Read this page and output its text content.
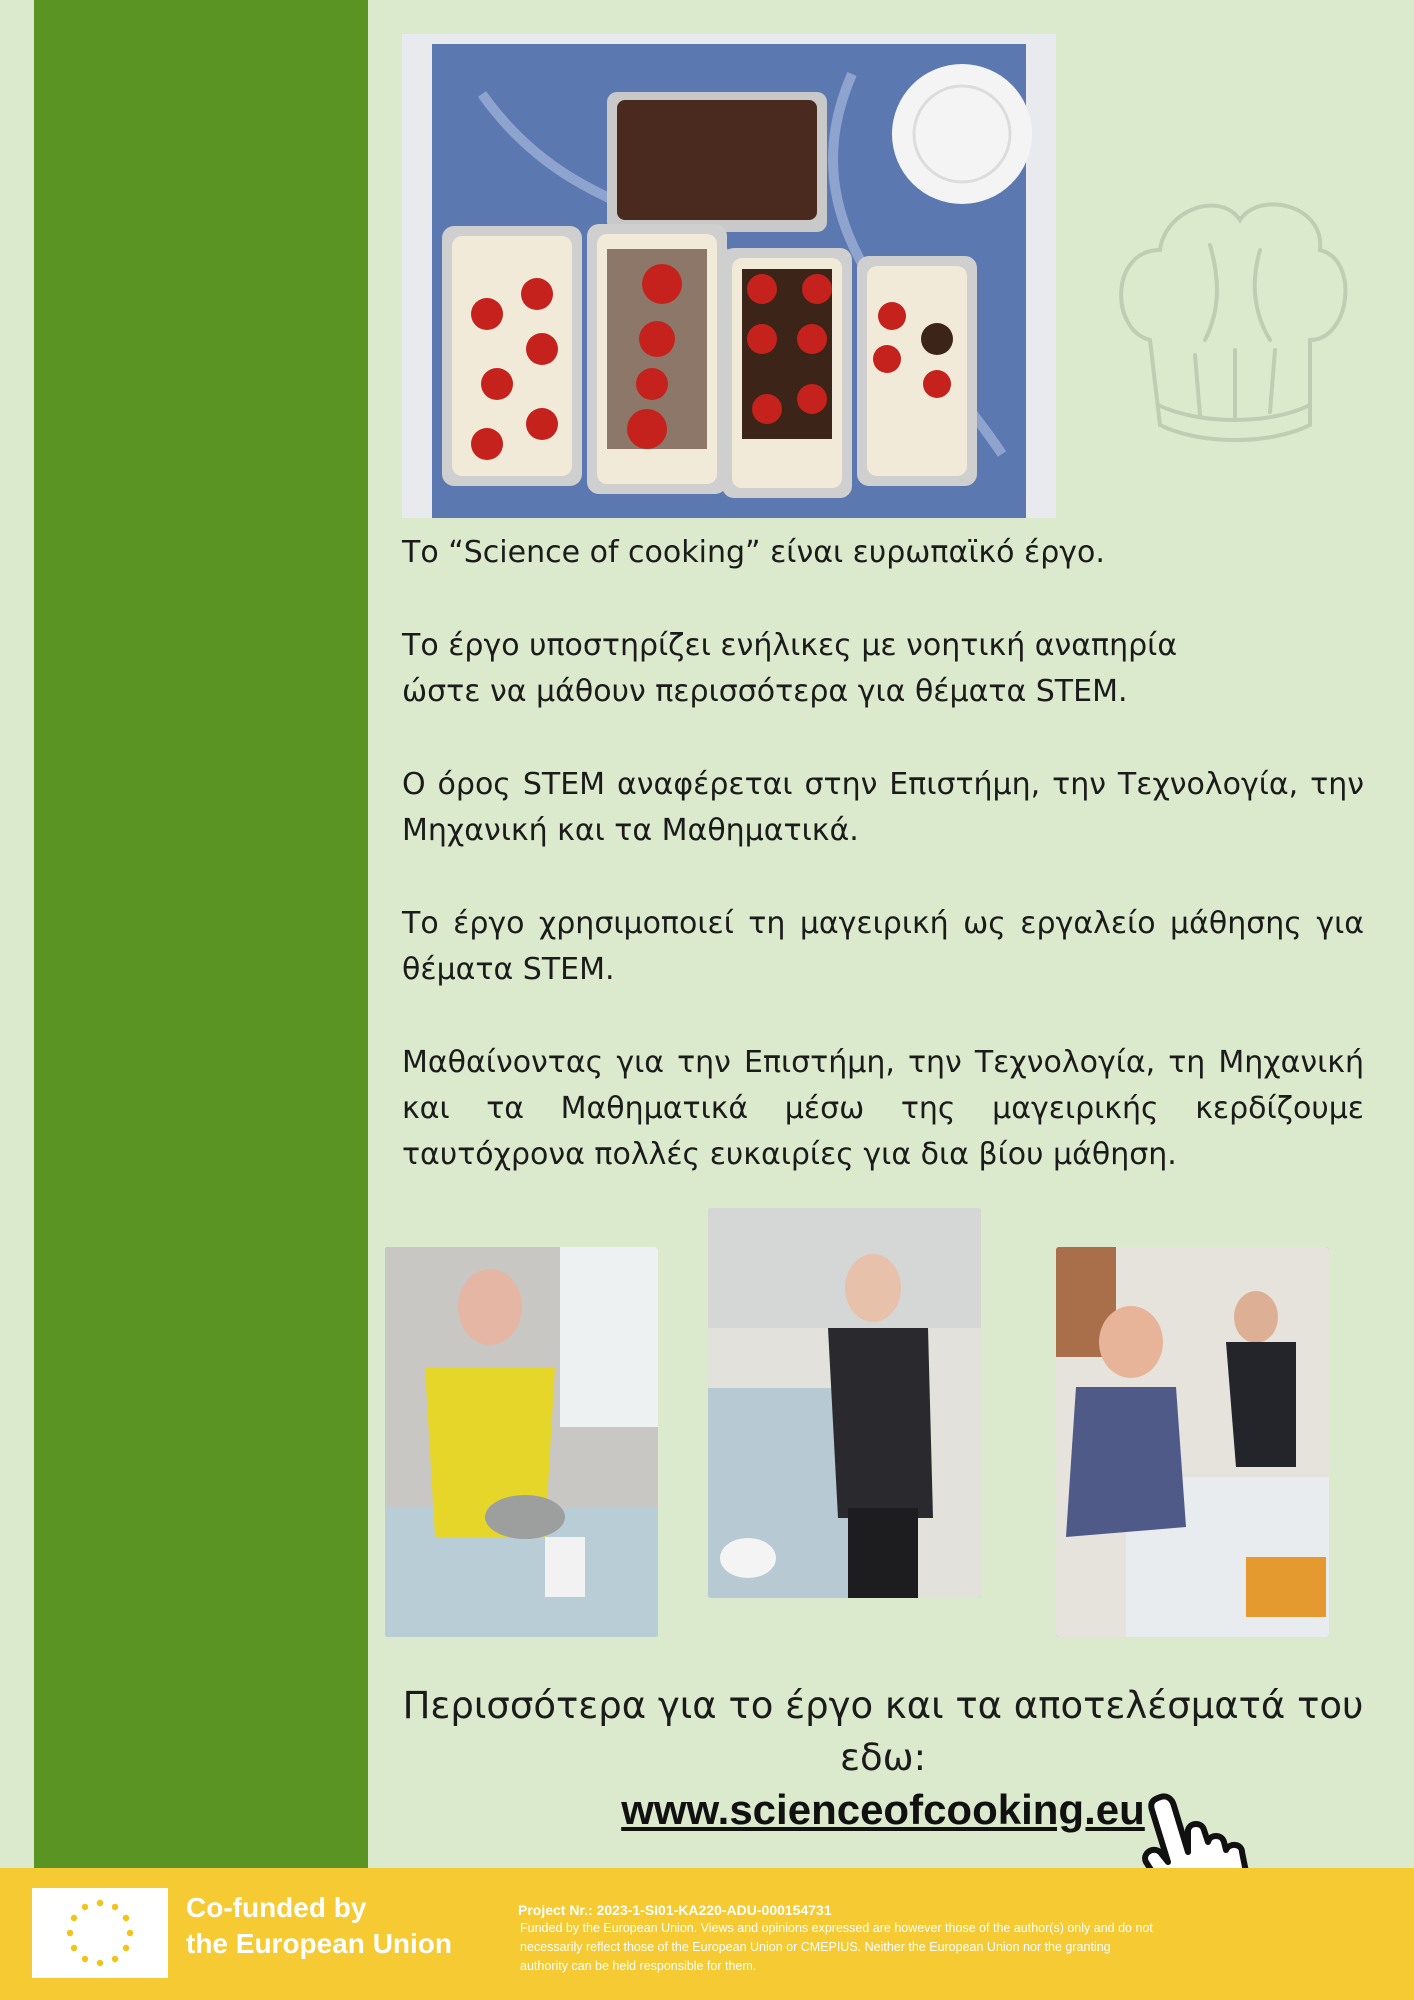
Το “Science of cooking” είναι ευρωπαϊκό έργο.

Το έργο υποστηρίζει ενήλικες με νοητική αναπηρία ώστε να μάθουν περισσότερα για θέματα STEM.

Ο όρος STEM αναφέρεται στην Επιστήμη, την Τεχνολογία, την Μηχανική και τα Μαθηματικά.

Το έργο χρησιμοποιεί τη μαγειρική ως εργαλείο μάθησης για θέματα STEM.

Μαθαίνοντας για την Επιστήμη, την Τεχνολογία, τη Μηχανική και τα Μαθηματικά μέσω της μαγειρικής κερδίζουμε ταυτόχρονα πολλές ευκαιρίες για δια βίου μάθηση.

Περισσότερα για το έργο και τα αποτελέσματά του εδω:
www.scienceofcooking.eu
Co-funded by
the European Union
Project Nr.: 2023-1-SI01-KA220-ADU-000154731
Funded by the European Union. Views and opinions expressed are however those of the author(s) only and do not necessarily reflect those of the European Union or CMEPIUS. Neither the European Union nor the granting authority can be held responsible for them.
